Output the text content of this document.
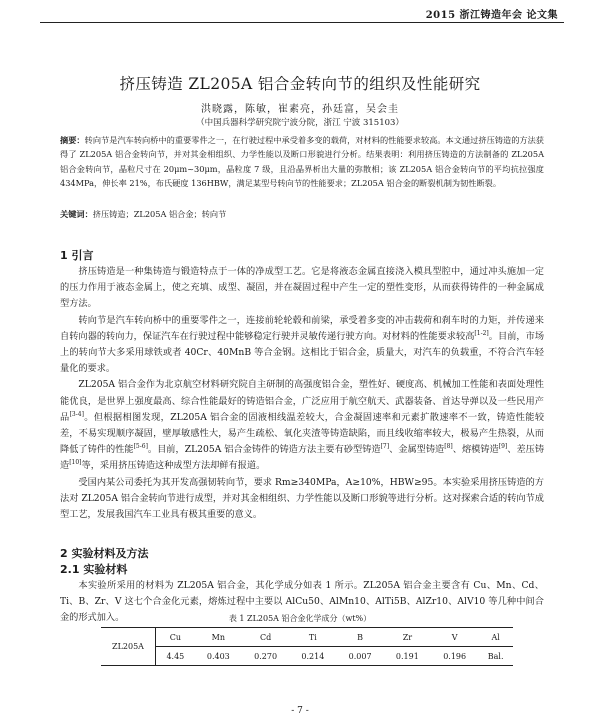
2015 浙江铸造年会 论文集
挤压铸造 ZL205A 铝合金转向节的组织及性能研究
洪晓露，陈敏，崔素亮，孙廷富，吴会圭
（中国兵器科学研究院宁波分院，浙江 宁波 315103）
摘要：转向节是汽车转向桥中的重要零件之一，在行驶过程中承受着多变的载荷，对材料的性能要求较高。本文通过挤压铸造的方法获得了 ZL205A 铝合金转向节，并对其金相组织、力学性能以及断口形貌进行分析。结果表明：利用挤压铸造的方法制备的 ZL205A 铝合金转向节，晶粒尺寸在 20μm~30μm，晶粒度 7 级，且沿晶界析出大量的弥散相；该 ZL205A 铝合金转向节的平均抗拉强度 434MPa，伸长率 21%，布氏硬度 136HBW，满足某型号转向节的性能要求；ZL205A 铝合金的断裂机制为韧性断裂。
关键词：挤压铸造；ZL205A 铝合金；转向节
1 引言

挤压铸造是一种集铸造与锻造特点于一体的净成型工艺。它是将液态金属直接浇入模具型腔中，通过冲头施加一定的压力作用于液态金属上，使之充填、成型、凝固，并在凝固过程中产生一定的塑性变形，从而获得铸件的一种金属成型方法。

转向节是汽车转向桥中的重要零件之一，连接前轮轮毂和前梁，承受着多变的冲击载荷和刹车时的力矩，并传递来自转向器的转向力，保证汽车在行驶过程中能够稳定行驶并灵敏传递行驶方向。对材料的性能要求较高[1-2]。目前，市场上的转向节大多采用球铁或者 40Cr、40MnB 等合金钢。这相比于铝合金，质量大，对汽车的负载重，不符合汽车轻量化的要求。

ZL205A 铝合金作为北京航空材料研究院自主研制的高强度铝合金，塑性好、硬度高、机械加工性能和表面处理性能优良，是世界上强度最高、综合性能最好的铸造铝合金，广泛应用于航空航天、武器装备、首达导弹以及一些民用产品[3-4]。但根据相图发现，ZL205A 铝合金的固液相线温差较大，合金凝固速率和元素扩散速率不一致，铸造性能较差，不易实现顺序凝固，壁厚敏感性大，易产生疏松、氧化夹渣等铸造缺陷，而且线收缩率较大，极易产生热裂，从而降低了铸件的性能[5-6]。目前，ZL205A 铝合金铸件的铸造方法主要有砂型铸造[7]、金属型铸造[8]、熔模铸造[9]、差压铸造[10]等，采用挤压铸造这种成型方法却鲜有报道。

受国内某公司委托为其开发高强韧转向节，要求 Rm≥340MPa，A≥10%，HBW≥95。本实验采用挤压铸造的方法对 ZL205A 铝合金转向节进行成型，并对其金相组织、力学性能以及断口形貌等进行分析。这对探索合适的转向节成型工艺，发展我国汽车工业具有极其重要的意义。

2 实验材料及方法
2.1 实验材料

本实验所采用的材料为 ZL205A 铝合金，其化学成分如表 1 所示。ZL205A 铝合金主要含有 Cu、Mn、Cd、Ti、B、Zr、V 这七个合金化元素，熔炼过程中主要以 AlCu50、AlMn10、AlTi5B、AlZr10、AlV10 等几种中间合金的形式加入。	表 1 ZL205A 铝合金化学成分（wt%）
ZL205A	Cu	Mn	Cd	Ti	B	Zr	V	Al
	4.45	0.403	0.270	0.214	0.007	0.191	0.196	Bal.
- 7 -
